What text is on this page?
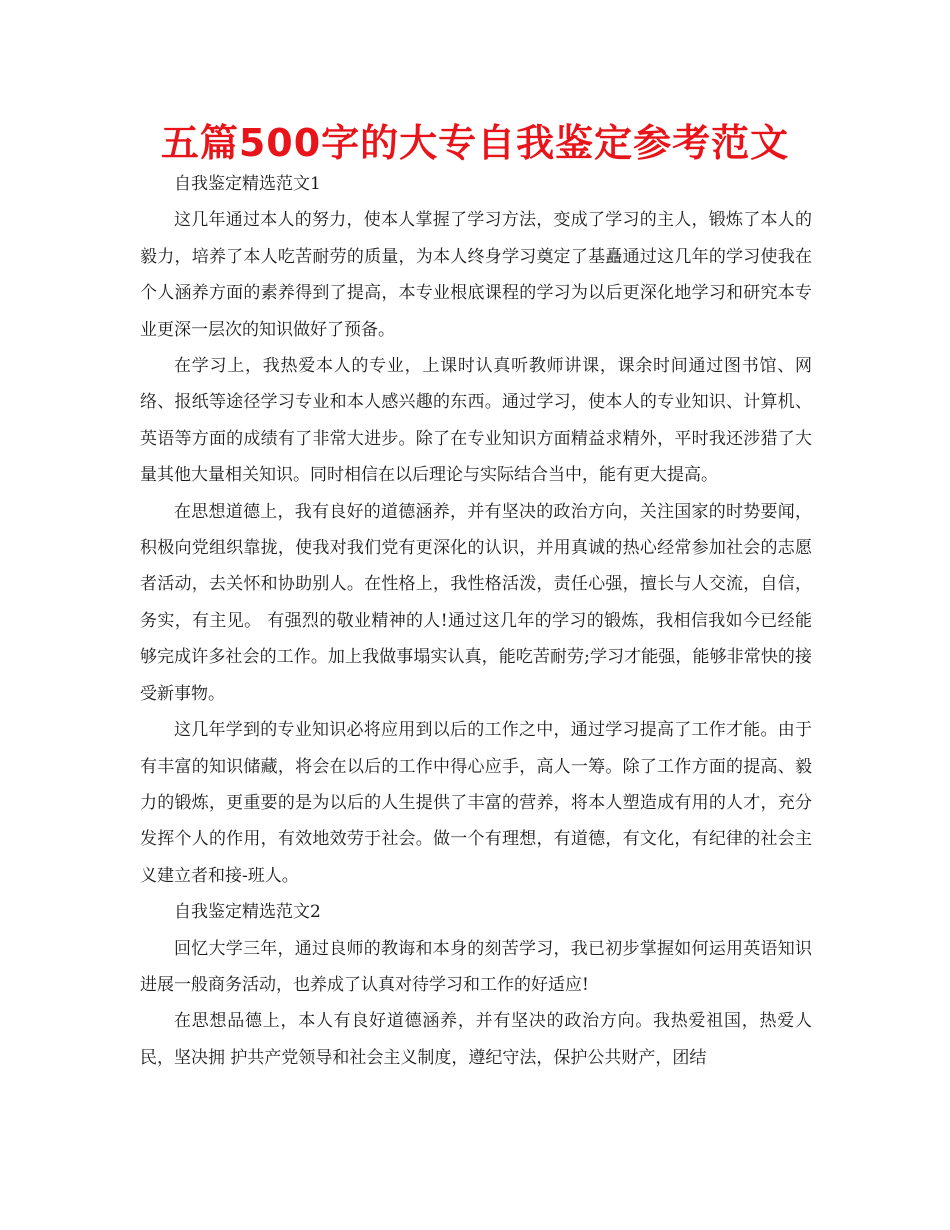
五篇500字的大专自我鉴定参考范文

自我鉴定精选范文1

这几年通过本人的努力，使本人掌握了学习方法，变成了学习的主人，锻炼了本人的毅力，培养了本人吃苦耐劳的质量，为本人终身学习奠定了基矗通过这几年的学习使我在个人涵养方面的素养得到了提高，本专业根底课程的学习为以后更深化地学习和研究本专业更深一层次的知识做好了预备。

在学习上，我热爱本人的专业，上课时认真听教师讲课，课余时间通过图书馆、网络、报纸等途径学习专业和本人感兴趣的东西。通过学习，使本人的专业知识、计算机、英语等方面的成绩有了非常大进步。除了在专业知识方面精益求精外，平时我还涉猎了大量其他大量相关知识。同时相信在以后理论与实际结合当中，能有更大提高。

在思想道德上，我有良好的道德涵养，并有坚决的政治方向，关注国家的时势要闻，积极向党组织靠拢，使我对我们党有更深化的认识，并用真诚的热心经常参加社会的志愿者活动，去关怀和协助别人。在性格上，我性格活泼，责任心强，擅长与人交流，自信，务实，有主见。 有强烈的敬业精神的人!通过这几年的学习的锻炼，我相信我如今已经能够完成许多社会的工作。加上我做事塌实认真，能吃苦耐劳;学习才能强，能够非常快的接受新事物。

这几年学到的专业知识必将应用到以后的工作之中，通过学习提高了工作才能。由于有丰富的知识储藏，将会在以后的工作中得心应手，高人一筹。除了工作方面的提高、毅力的锻炼，更重要的是为以后的人生提供了丰富的营养，将本人塑造成有用的人才，充分发挥个人的作用，有效地效劳于社会。做一个有理想，有道德，有文化，有纪律的社会主义建立者和接-班人。

自我鉴定精选范文2

回忆大学三年，通过良师的教诲和本身的刻苦学习，我已初步掌握如何运用英语知识进展一般商务活动，也养成了认真对待学习和工作的好适应!

在思想品德上，本人有良好道德涵养，并有坚决的政治方向。我热爱祖国，热爱人民，坚决拥 护共产党领导和社会主义制度，遵纪守法，保护公共财产，团结
